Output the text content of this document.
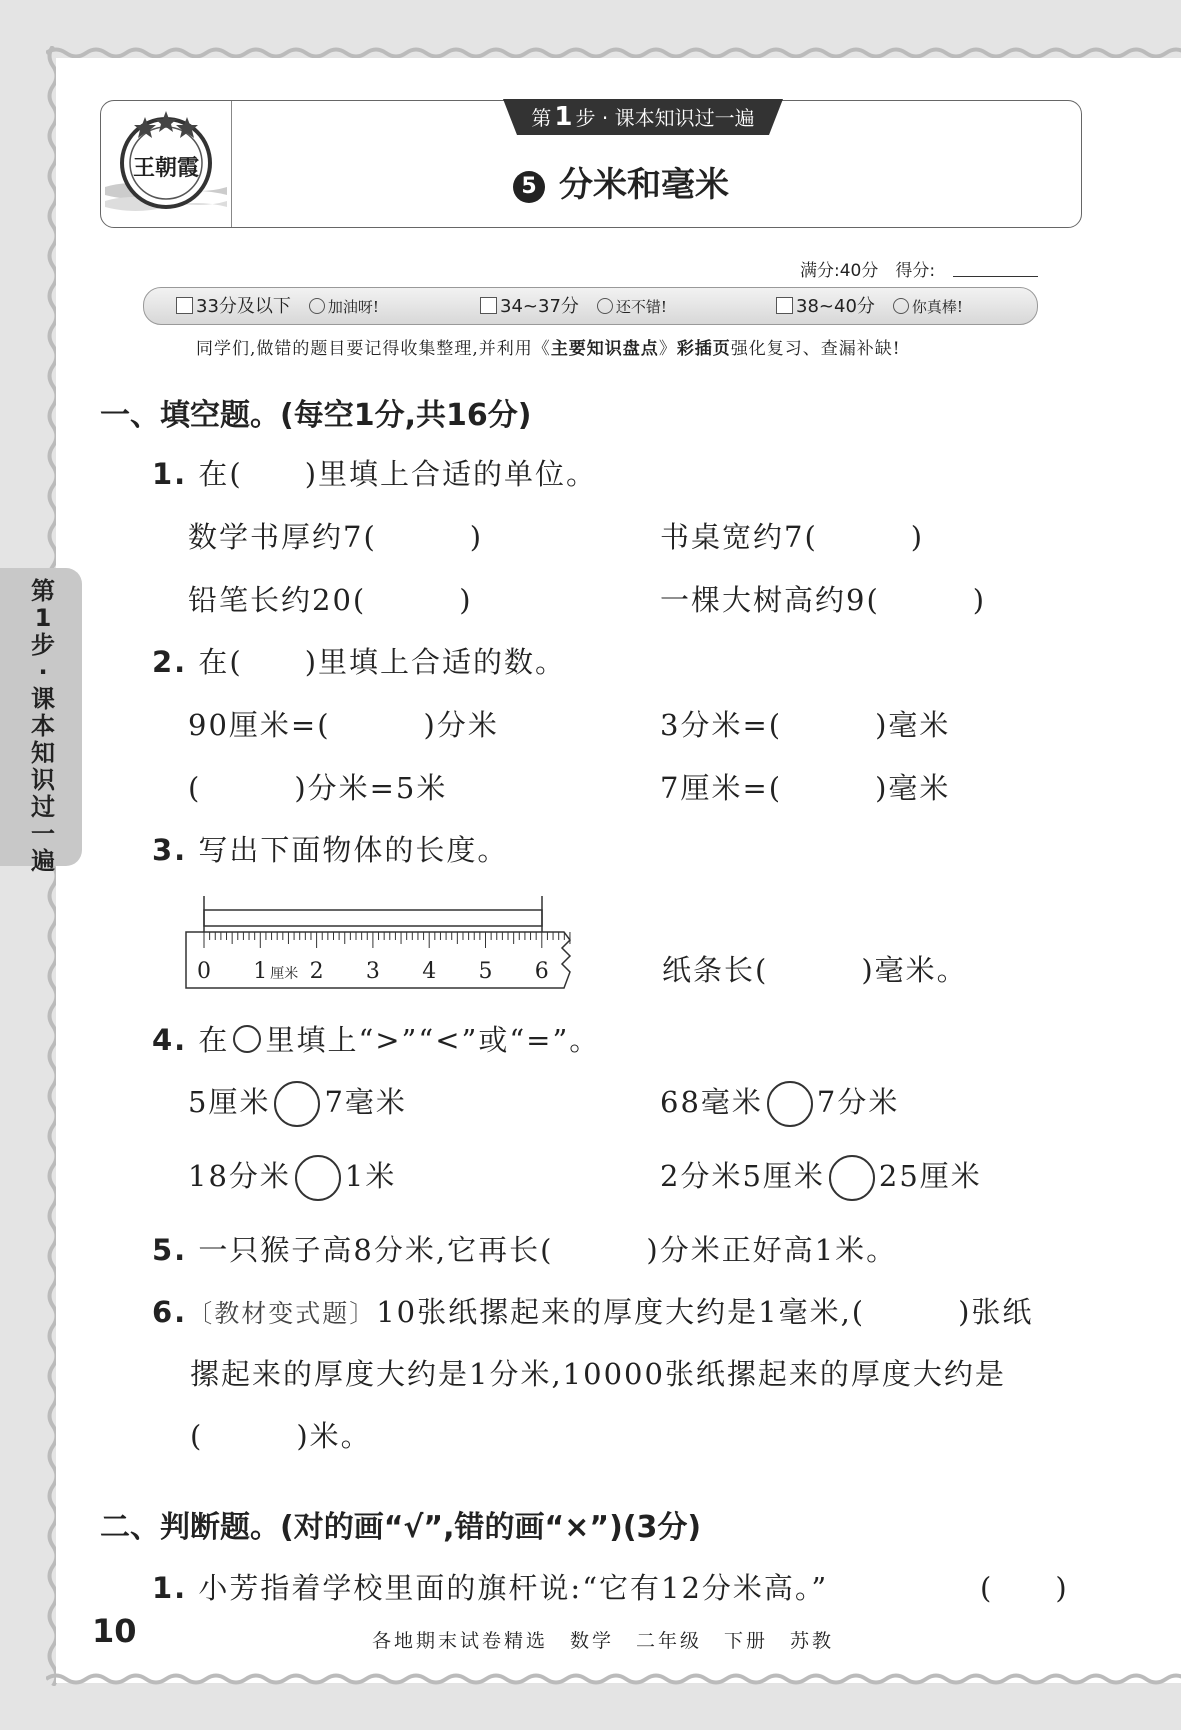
王朝霞
第 1 步 · 课本知识过一遍
5 分米和毫米
满分:40分　 得分:
33分及以下　 加油呀!	34~37分　 还不错!	38~40分　 你真棒!
同学们,做错的题目要记得收集整理,并利用《主要知识盘点》彩插页强化复习、查漏补缺!
第1步·课本知识过一遍
一、填空题。(每空1分,共16分)
1. 在(　　)里填上合适的单位。
数学书厚约7(　　　)	书桌宽约7(　　　)
铅笔长约20(　　　)	一棵大树高约9(　　　)
2. 在(　　)里填上合适的数。
90厘米=(　　　)分米	3分米=(　　　)毫米
(　　　)分米=5米	7厘米=(　　　)毫米
3. 写出下面物体的长度。
0 1 2 3 4 5 6
厘米	纸条长(　　　)毫米。
4. 在 里填上“>”“<”或“=”。
5厘米 7毫米	68毫米 7分米
18分米 1米	2分米5厘米 25厘米
5. 一只猴子高8分米,它再长(　　　)分米正好高1米。
6.〔教材变式题〕10张纸摞起来的厚度大约是1毫米,(　　　)张纸
摞起来的厚度大约是1分米,10000张纸摞起来的厚度大约是
(　　　)米。
二、判断题。(对的画“√”,错的画“×”)(3分)
1. 小芳指着学校里面的旗杆说:“它有12分米高。”	(　　)
10	各地期末试卷精选　数学　二年级　下册　苏教
